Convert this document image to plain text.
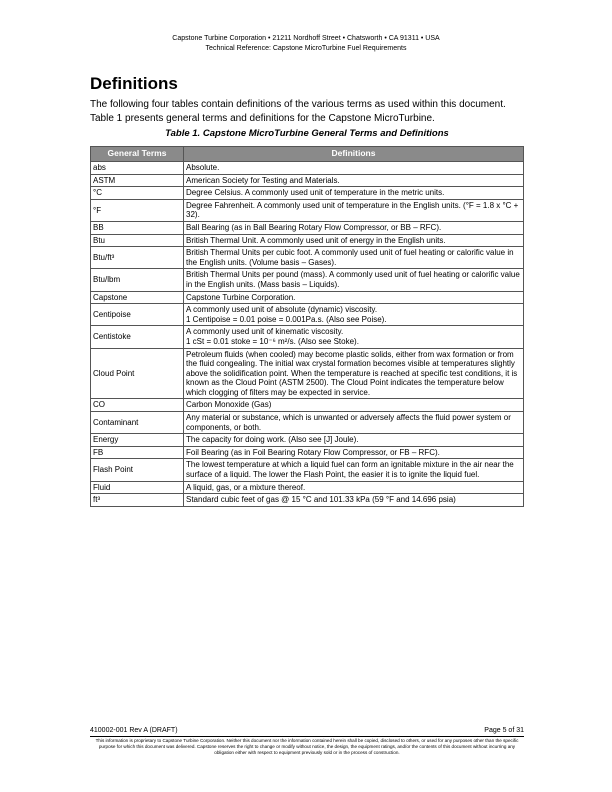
Capstone Turbine Corporation • 21211 Nordhoff Street • Chatsworth • CA 91311 • USA
Technical Reference: Capstone MicroTurbine Fuel Requirements
Definitions

The following four tables contain definitions of the various terms as used within this document. Table 1 presents general terms and definitions for the Capstone MicroTurbine.

Table 1. Capstone MicroTurbine General Terms and Definitions
General Terms	Definitions
abs	Absolute.
ASTM	American Society for Testing and Materials.
°C	Degree Celsius. A commonly used unit of temperature in the metric units.
°F	Degree Fahrenheit. A commonly used unit of temperature in the English units. (°F = 1.8 x °C + 32).
BB	Ball Bearing (as in Ball Bearing Rotary Flow Compressor, or BB – RFC).
Btu	British Thermal Unit. A commonly used unit of energy in the English units.
Btu/ft³	British Thermal Units per cubic foot. A commonly used unit of fuel heating or calorific value in the English units. (Volume basis – Gases).
Btu/lbm	British Thermal Units per pound (mass). A commonly used unit of fuel heating or calorific value in the English units. (Mass basis – Liquids).
Capstone	Capstone Turbine Corporation.
Centipoise	A commonly used unit of absolute (dynamic) viscosity.
1 Centipoise = 0.01 poise = 0.001Pa.s. (Also see Poise).
Centistoke	A commonly used unit of kinematic viscosity.
1 cSt = 0.01 stoke = 10⁻⁶ m²/s. (Also see Stoke).
Cloud Point	Petroleum fluids (when cooled) may become plastic solids, either from wax formation or from the fluid congealing. The initial wax crystal formation becomes visible at temperatures slightly above the solidification point. When the temperature is reached at specific test conditions, it is known as the Cloud Point (ASTM 2500). The Cloud Point indicates the temperature below which clogging of filters may be expected in service.
CO	Carbon Monoxide (Gas)
Contaminant	Any material or substance, which is unwanted or adversely affects the fluid power system or components, or both.
Energy	The capacity for doing work. (Also see [J] Joule).
FB	Foil Bearing (as in Foil Bearing Rotary Flow Compressor, or FB – RFC).
Flash Point	The lowest temperature at which a liquid fuel can form an ignitable mixture in the air near the surface of a liquid. The lower the Flash Point, the easier it is to ignite the liquid fuel.
Fluid	A liquid, gas, or a mixture thereof.
ft³	Standard cubic feet of gas @ 15 °C and 101.33 kPa (59 °F and 14.696 psia)
410002-001 Rev A (DRAFT)	Page 5 of 31
This information is proprietary to Capstone Turbine Corporation. Neither this document nor the information contained herein shall be copied, disclosed to others, or used for any purposes other than the specific purpose for which this document was delivered. Capstone reserves the right to change or modify without notice, the design, the equipment ratings, and/or the contents of this document without incurring any obligation either with respect to equipment previously sold or in the process of construction.
